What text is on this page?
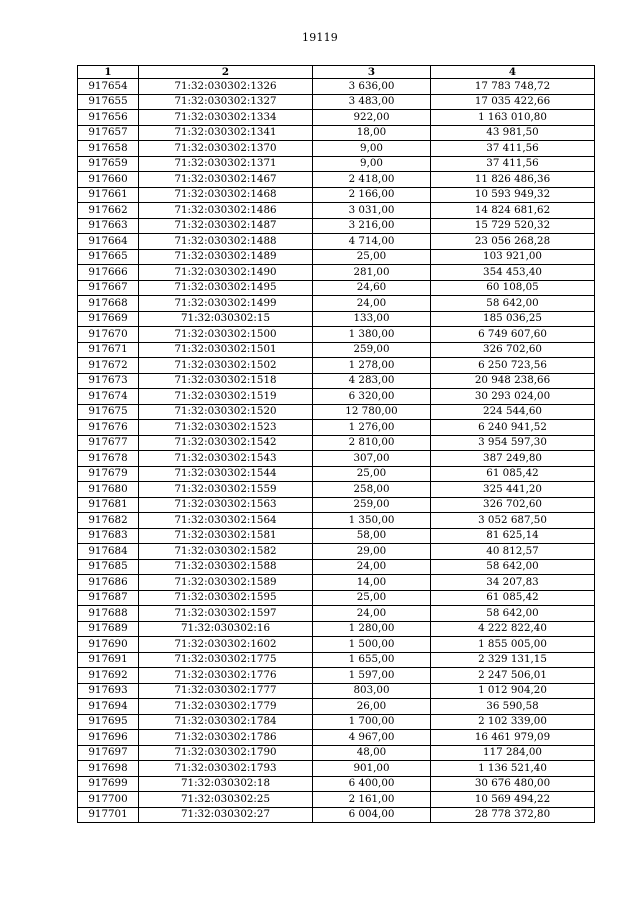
19119
1	2	3	4
917654	71:32:030302:1326	3 636,00	17 783 748,72
917655	71:32:030302:1327	3 483,00	17 035 422,66
917656	71:32:030302:1334	922,00	1 163 010,80
917657	71:32:030302:1341	18,00	43 981,50
917658	71:32:030302:1370	9,00	37 411,56
917659	71:32:030302:1371	9,00	37 411,56
917660	71:32:030302:1467	2 418,00	11 826 486,36
917661	71:32:030302:1468	2 166,00	10 593 949,32
917662	71:32:030302:1486	3 031,00	14 824 681,62
917663	71:32:030302:1487	3 216,00	15 729 520,32
917664	71:32:030302:1488	4 714,00	23 056 268,28
917665	71:32:030302:1489	25,00	103 921,00
917666	71:32:030302:1490	281,00	354 453,40
917667	71:32:030302:1495	24,60	60 108,05
917668	71:32:030302:1499	24,00	58 642,00
917669	71:32:030302:15	133,00	185 036,25
917670	71:32:030302:1500	1 380,00	6 749 607,60
917671	71:32:030302:1501	259,00	326 702,60
917672	71:32:030302:1502	1 278,00	6 250 723,56
917673	71:32:030302:1518	4 283,00	20 948 238,66
917674	71:32:030302:1519	6 320,00	30 293 024,00
917675	71:32:030302:1520	12 780,00	224 544,60
917676	71:32:030302:1523	1 276,00	6 240 941,52
917677	71:32:030302:1542	2 810,00	3 954 597,30
917678	71:32:030302:1543	307,00	387 249,80
917679	71:32:030302:1544	25,00	61 085,42
917680	71:32:030302:1559	258,00	325 441,20
917681	71:32:030302:1563	259,00	326 702,60
917682	71:32:030302:1564	1 350,00	3 052 687,50
917683	71:32:030302:1581	58,00	81 625,14
917684	71:32:030302:1582	29,00	40 812,57
917685	71:32:030302:1588	24,00	58 642,00
917686	71:32:030302:1589	14,00	34 207,83
917687	71:32:030302:1595	25,00	61 085,42
917688	71:32:030302:1597	24,00	58 642,00
917689	71:32:030302:16	1 280,00	4 222 822,40
917690	71:32:030302:1602	1 500,00	1 855 005,00
917691	71:32:030302:1775	1 655,00	2 329 131,15
917692	71:32:030302:1776	1 597,00	2 247 506,01
917693	71:32:030302:1777	803,00	1 012 904,20
917694	71:32:030302:1779	26,00	36 590,58
917695	71:32:030302:1784	1 700,00	2 102 339,00
917696	71:32:030302:1786	4 967,00	16 461 979,09
917697	71:32:030302:1790	48,00	117 284,00
917698	71:32:030302:1793	901,00	1 136 521,40
917699	71:32:030302:18	6 400,00	30 676 480,00
917700	71:32:030302:25	2 161,00	10 569 494,22
917701	71:32:030302:27	6 004,00	28 778 372,80
